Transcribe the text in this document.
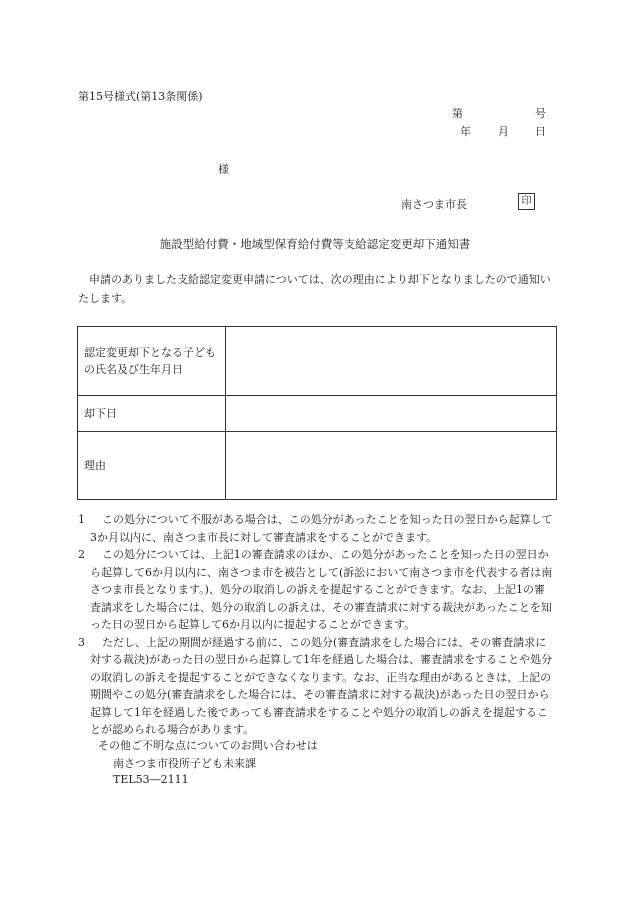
第15号様式(第13条関係)
第	号
年 月 日
様
南さつま市長	印
施設型給付費・地域型保育給付費等支給認定変更却下通知書
申請のありました支給認定変更申請については、次の理由により却下となりましたので通知いたします。
認定変更却下となる子どもの氏名及び生年月日	
却下日	
理由	
1 この処分について不服がある場合は、この処分があったことを知った日の翌日から起算して3か月以内に、南さつま市長に対して審査請求をすることができます。
2 この処分については、上記1の審査請求のほか、この処分があったことを知った日の翌日から起算して6か月以内に、南さつま市を被告として(訴訟において南さつま市を代表する者は南さつま市長となります。)、処分の取消しの訴えを提起することができます。なお、上記1の審査請求をした場合には、処分の取消しの訴えは、その審査請求に対する裁決があったことを知った日の翌日から起算して6か月以内に提起することができます。
3 ただし、上記の期間が経過する前に、この処分(審査請求をした場合には、その審査請求に対する裁決)があった日の翌日から起算して1年を経過した場合は、審査請求をすることや処分の取消しの訴えを提起することができなくなります。なお、正当な理由があるときは、上記の期間やこの処分(審査請求をした場合には、その審査請求に対する裁決)があった日の翌日から起算して1年を経過した後であっても審査請求をすることや処分の取消しの訴えを提起することが認められる場合があります。
その他ご不明な点についてのお問い合わせは
南さつま市役所子ども未来課
TEL53―2111
